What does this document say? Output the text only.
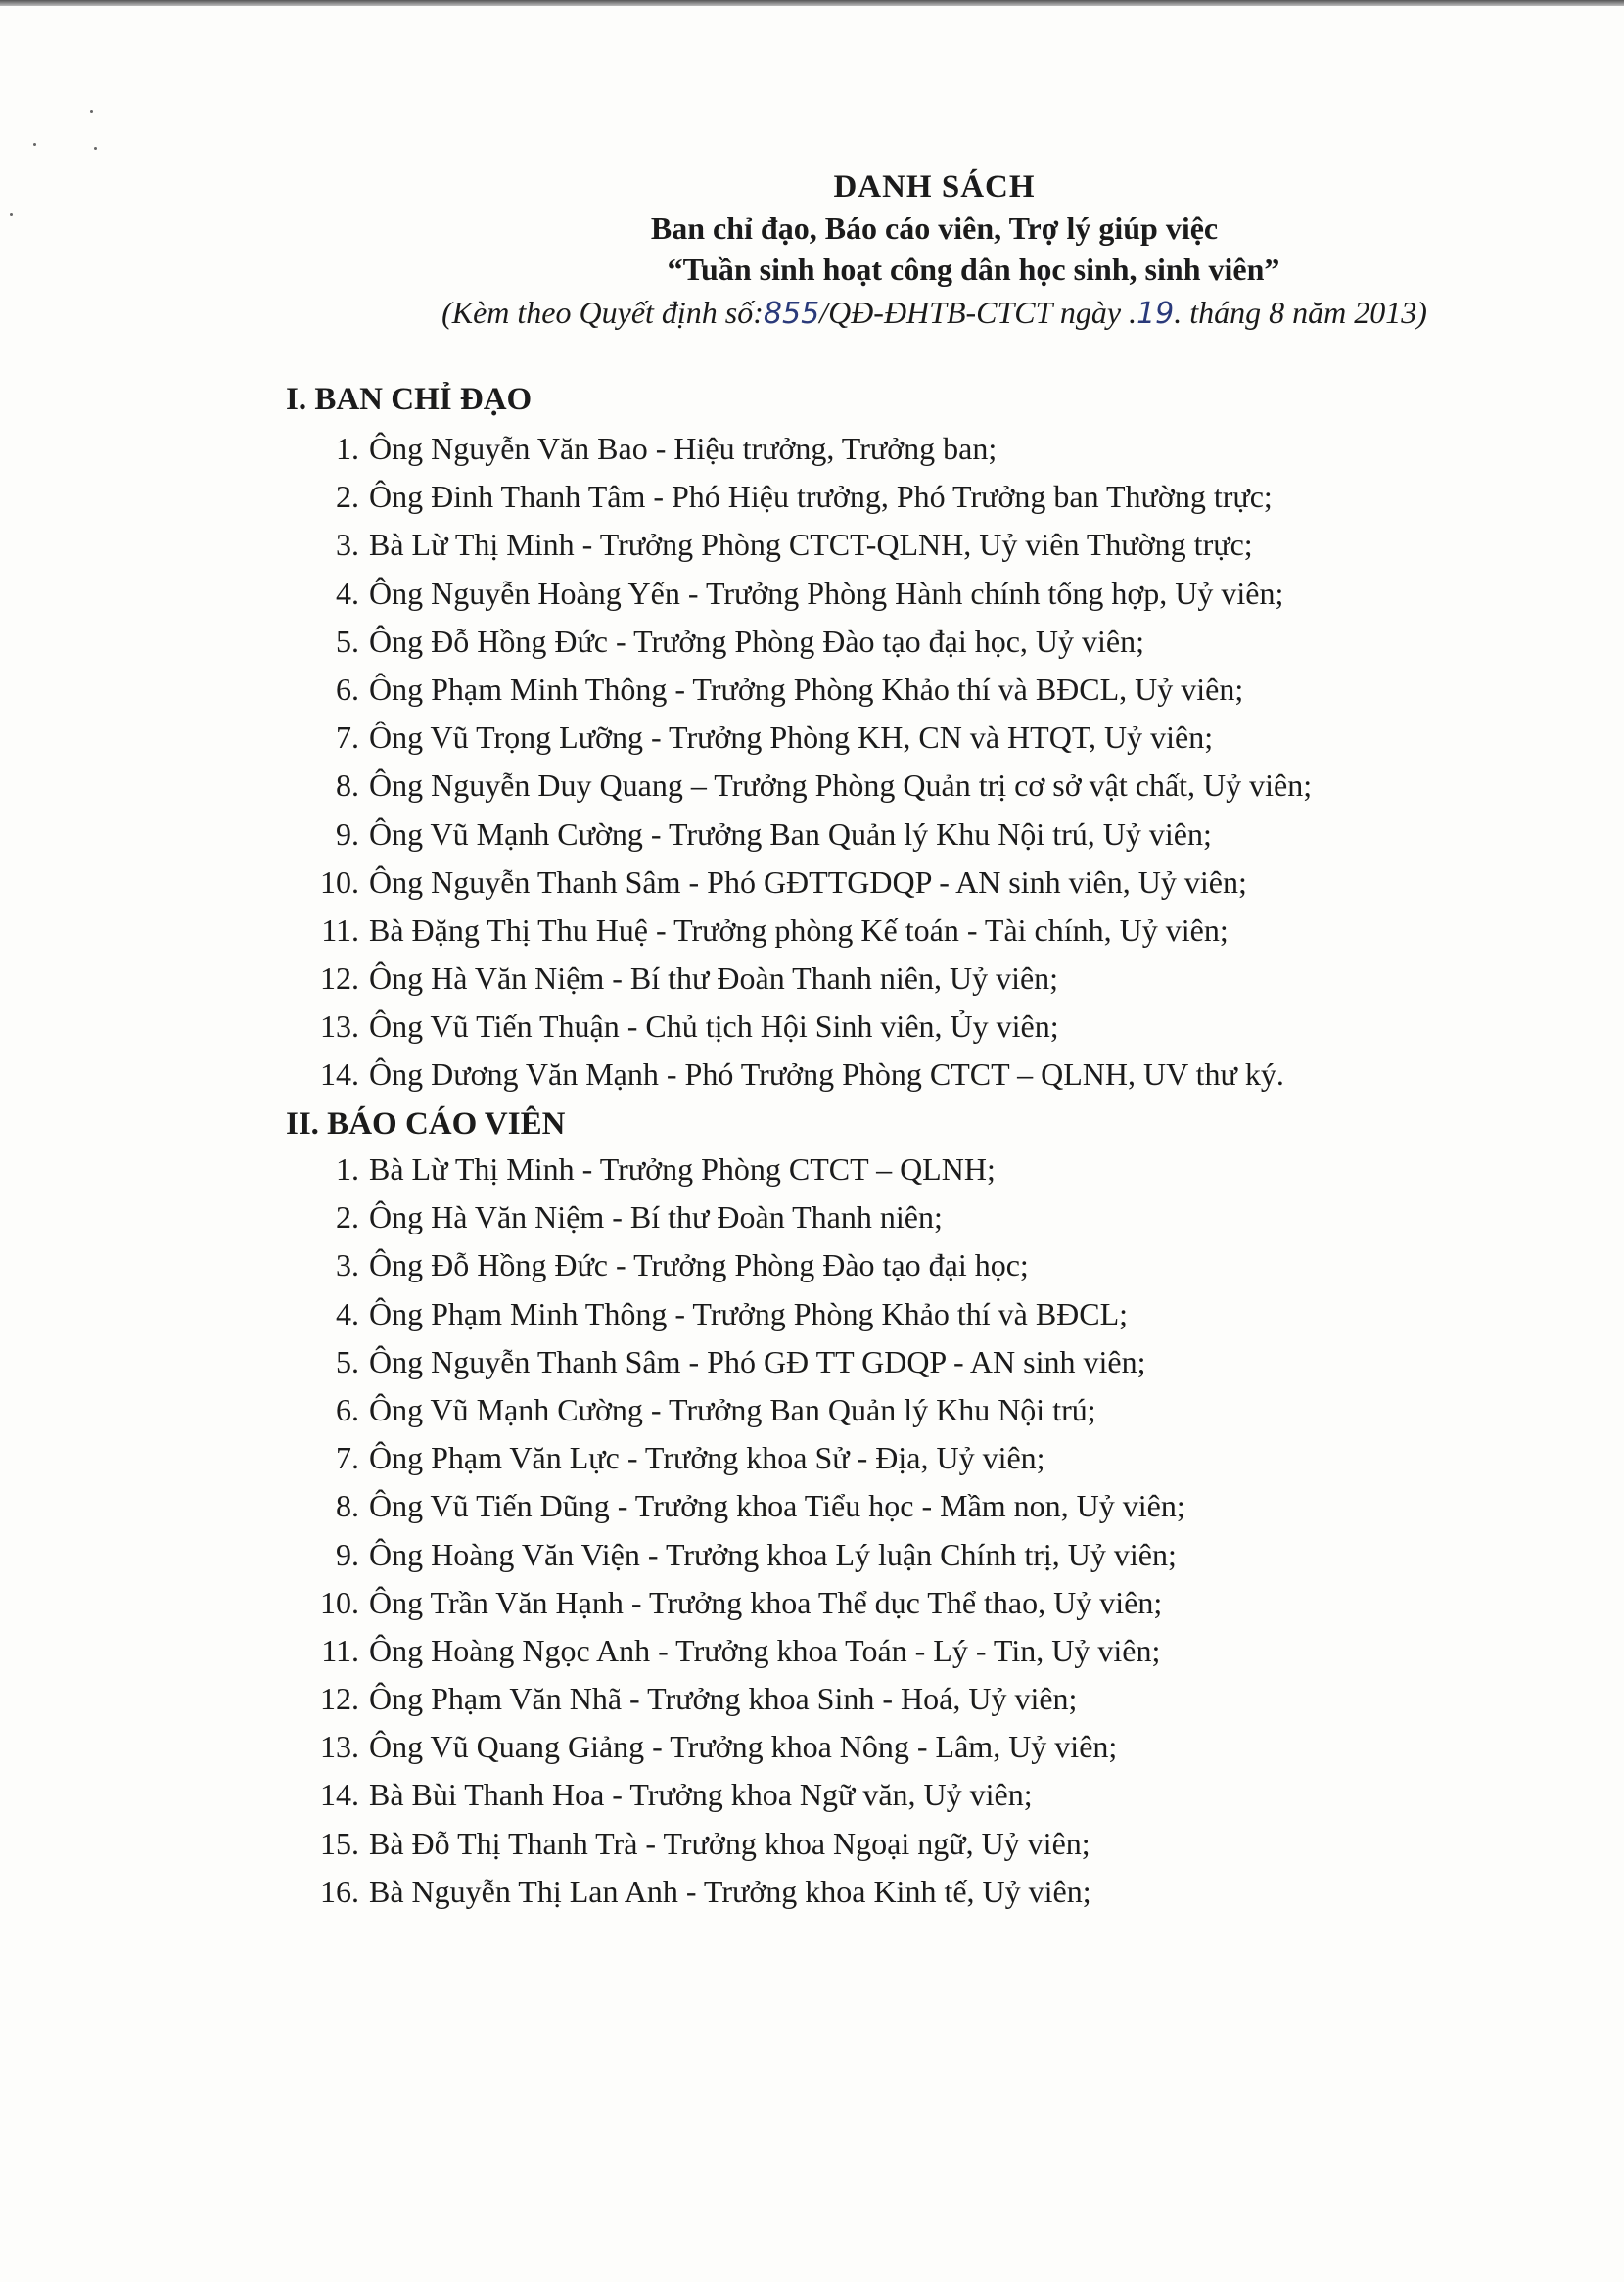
DANH SÁCH
Ban chỉ đạo, Báo cáo viên, Trợ lý giúp việc
“Tuần sinh hoạt công dân học sinh, sinh viên”
(Kèm theo Quyết định số:855/QĐ-ĐHTB-CTCT ngày .19. tháng 8 năm 2013)
I. BAN CHỈ ĐẠO
1. Ông Nguyễn Văn Bao - Hiệu trưởng, Trưởng ban;
2. Ông Đinh Thanh Tâm - Phó Hiệu trưởng, Phó Trưởng ban Thường trực;
3. Bà Lừ Thị Minh - Trưởng Phòng CTCT-QLNH, Uỷ viên Thường trực;
4. Ông Nguyễn Hoàng Yến - Trưởng Phòng Hành chính tổng hợp, Uỷ viên;
5. Ông Đỗ Hồng Đức - Trưởng Phòng Đào tạo đại học, Uỷ viên;
6. Ông Phạm Minh Thông - Trưởng Phòng Khảo thí và BĐCL, Uỷ viên;
7. Ông Vũ Trọng Lưỡng - Trưởng Phòng KH, CN và HTQT, Uỷ viên;
8. Ông Nguyễn Duy Quang – Trưởng Phòng Quản trị cơ sở vật chất, Uỷ viên;
9. Ông Vũ Mạnh Cường - Trưởng Ban Quản lý Khu Nội trú, Uỷ viên;
10. Ông Nguyễn Thanh Sâm - Phó GĐTTGDQP - AN sinh viên, Uỷ viên;
11. Bà Đặng Thị Thu Huệ - Trưởng phòng Kế toán - Tài chính, Uỷ viên;
12. Ông Hà Văn Niệm - Bí thư Đoàn Thanh niên, Uỷ viên;
13. Ông Vũ Tiến Thuận - Chủ tịch Hội Sinh viên, Ủy viên;
14. Ông Dương Văn Mạnh - Phó Trưởng Phòng CTCT – QLNH, UV thư ký.
II. BÁO CÁO VIÊN
1. Bà Lừ Thị Minh - Trưởng Phòng CTCT – QLNH;
2. Ông Hà Văn Niệm - Bí thư Đoàn Thanh niên;
3. Ông Đỗ Hồng Đức - Trưởng Phòng Đào tạo đại học;
4. Ông Phạm Minh Thông - Trưởng Phòng Khảo thí và BĐCL;
5. Ông Nguyễn Thanh Sâm - Phó GĐ TT GDQP - AN sinh viên;
6. Ông Vũ Mạnh Cường - Trưởng Ban Quản lý Khu Nội trú;
7. Ông Phạm Văn Lực - Trưởng khoa Sử - Địa, Uỷ viên;
8. Ông Vũ Tiến Dũng - Trưởng khoa Tiểu học - Mầm non, Uỷ viên;
9. Ông Hoàng Văn Viện - Trưởng khoa Lý luận Chính trị, Uỷ viên;
10. Ông Trần Văn Hạnh - Trưởng khoa Thể dục Thể thao, Uỷ viên;
11. Ông Hoàng Ngọc Anh - Trưởng khoa Toán - Lý - Tin, Uỷ viên;
12. Ông Phạm Văn Nhã - Trưởng khoa Sinh - Hoá, Uỷ viên;
13. Ông Vũ Quang Giảng - Trưởng khoa Nông - Lâm, Uỷ viên;
14. Bà Bùi Thanh Hoa - Trưởng khoa Ngữ văn, Uỷ viên;
15. Bà Đỗ Thị Thanh Trà - Trưởng khoa Ngoại ngữ, Uỷ viên;
16. Bà Nguyễn Thị Lan Anh - Trưởng khoa Kinh tế, Uỷ viên;
